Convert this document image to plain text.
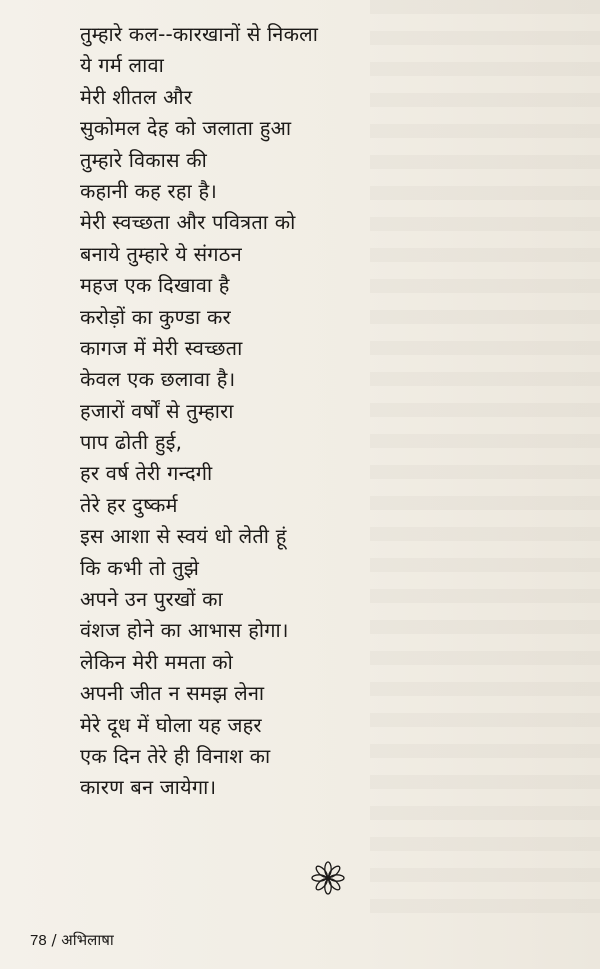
तुम्हारे कल--कारखानों से निकला
ये गर्म लावा
मेरी शीतल और
सुकोमल देह को जलाता हुआ
तुम्हारे विकास की
कहानी कह रहा है।
मेरी स्वच्छता और पवित्रता को
बनाये तुम्हारे ये संगठन
महज एक दिखावा है
करोड़ों का कुण्डा कर
कागज में मेरी स्वच्छता
केवल एक छलावा है।
हजारों वर्षों से तुम्हारा
पाप ढोती हुई,
हर वर्ष तेरी गन्दगी
तेरे हर दुष्कर्म
इस आशा से स्वयं धो लेती हूं
कि कभी तो तुझे
अपने उन पुरखों का
वंशज होने का आभास होगा।
लेकिन मेरी ममता को
अपनी जीत न समझ लेना
मेरे दूध में घोला यह जहर
एक दिन तेरे ही विनाश का
कारण बन जायेगा।
78 / अभिलाषा
